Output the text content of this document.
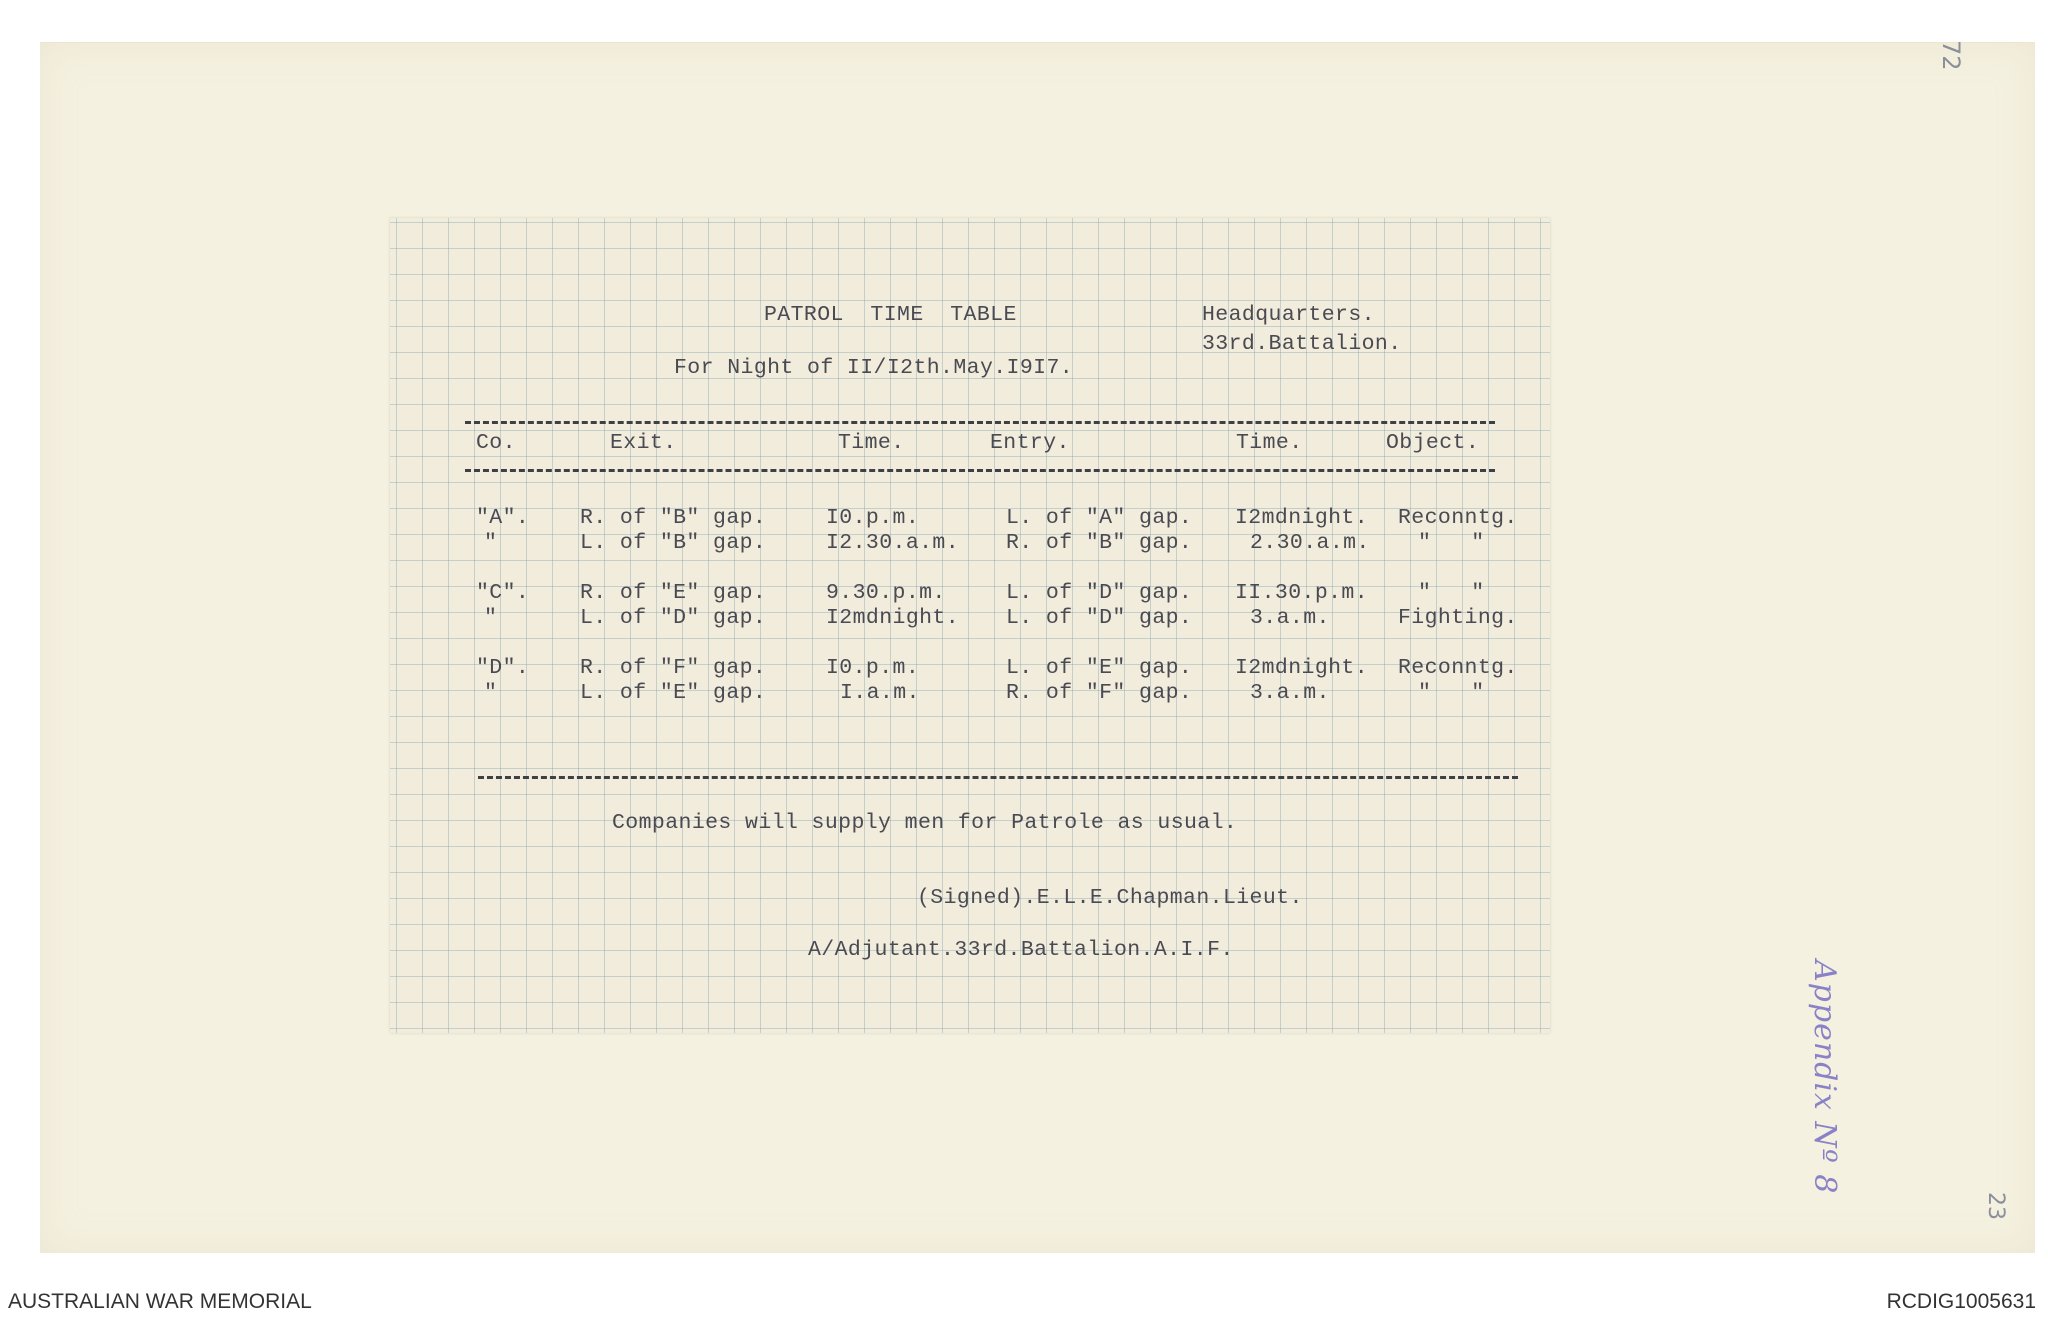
PATROL  TIME  TABLE	Headquarters.
33rd.Battalion.
For Night of II/I2th.May.I9I7.
Co.	Exit.	Time.	Entry.	Time.	Object.
"A". R. of "B" gap.	I0.p.m.	L. of "A" gap. I2mdnight. Reconntg.
"	L. of "B" gap.	I2.30.a.m. R. of "B" gap.	2.30.a.m. "   "
"C". R. of "E" gap.	9.30.p.m.	L. of "D" gap. II.30.p.m. "   "
"	L. of "D" gap.	I2mdnight. L. of "D" gap.	3.a.m.	Fighting.
"D". R. of "F" gap.	I0.p.m.	L. of "E" gap. I2mdnight. Reconntg.
"	L. of "E" gap.	I.a.m.	R. of "F" gap.	3.a.m.	"   "
Companies will supply men for Patrole as usual.
(Signed).E.L.E.Chapman.Lieut.
A/Adjutant.33rd.Battalion.A.I.F.
72
Appendix Nº 8
23
AUSTRALIAN WAR MEMORIAL	RCDIG1005631
